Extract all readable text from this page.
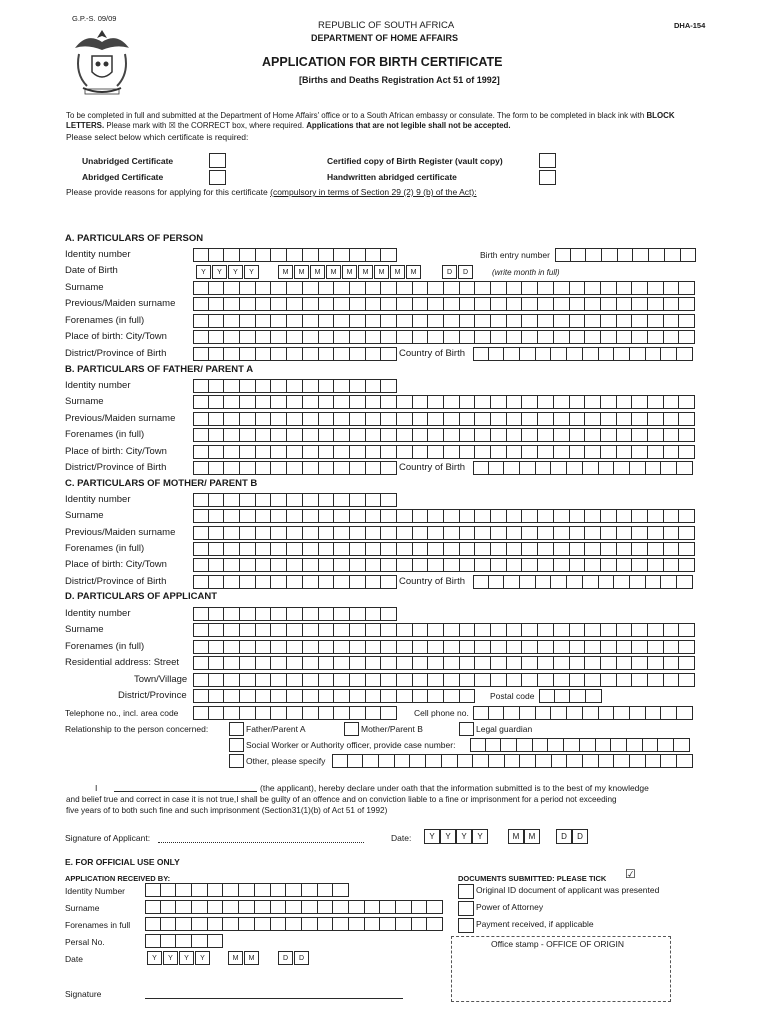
G.P.-S. 09/09
REPUBLIC OF SOUTH AFRICA
DEPARTMENT OF HOME AFFAIRS
APPLICATION FOR BIRTH CERTIFICATE
[Births and Deaths Registration Act 51 of 1992]
DHA-154
To be completed in full and submitted at the Department of Home Affairs' office or to a South African embassy or consulate. The form to be completed in black ink with BLOCK
LETTERS. Please mark with ☒ the CORRECT box, where required. Applications that are not legible shall not be accepted.
Please select below which certificate is required:
Unabridged Certificate
Abridged Certificate
Certified copy of Birth Register (vault copy)
Handwritten abridged certificate
Please provide reasons for applying for this certificate (compulsory in terms of Section 29 (2) 9 (b) of the Act):
A. PARTICULARS OF PERSON
Identity number	Birth entry number
Date of Birth	Y	Y	Y	Y	M	M	M	M	M	M	M	M	M	D	D	(write month in full)
Surname
Previous/Maiden surname
Forenames (in full)
Place of birth: City/Town
District/Province of Birth	Country of Birth
B. PARTICULARS OF FATHER/ PARENT A
Identity number
Surname
Previous/Maiden surname
Forenames (in full)
Place of birth: City/Town
District/Province of Birth	Country of Birth
C. PARTICULARS OF MOTHER/ PARENT B
Identity number
Surname
Previous/Maiden surname
Forenames (in full)
Place of birth: City/Town
District/Province of Birth	Country of Birth
D. PARTICULARS OF APPLICANT
Identity number
Surname
Forenames (in full)
Residential address: Street
Town/Village
District/Province	Postal code
Telephone no., incl. area code	Cell phone no.
Relationship to the person concerned:	Father/Parent A	Mother/Parent B	Legal guardian
Social Worker or Authority officer, provide case number:
Other, please specify
I	(the applicant), hereby declare under oath that the information submitted is to the best of my knowledge
and belief true and correct in case it is not true,I shall be guilty of an offence and on conviction liable to a fine or imprisonment for a period not exceeding
five years of to both such fine and such imprisonment (Section31(1)(b) of Act 51 of 1992)
Signature of Applicant:	Date:	Y	Y	Y	Y	M	M	D	D
E. FOR OFFICIAL USE ONLY
APPLICATION RECEIVED BY:
Identity Number
Surname
Forenames in full
Persal No.
Date	Y	Y	Y	Y	M	M	D	D
Signature
DOCUMENTS SUBMITTED: PLEASE TICK ☑
Original ID document of applicant was presented
Power of Attorney
Payment received, if applicable
Office stamp - OFFICE OF ORIGIN
